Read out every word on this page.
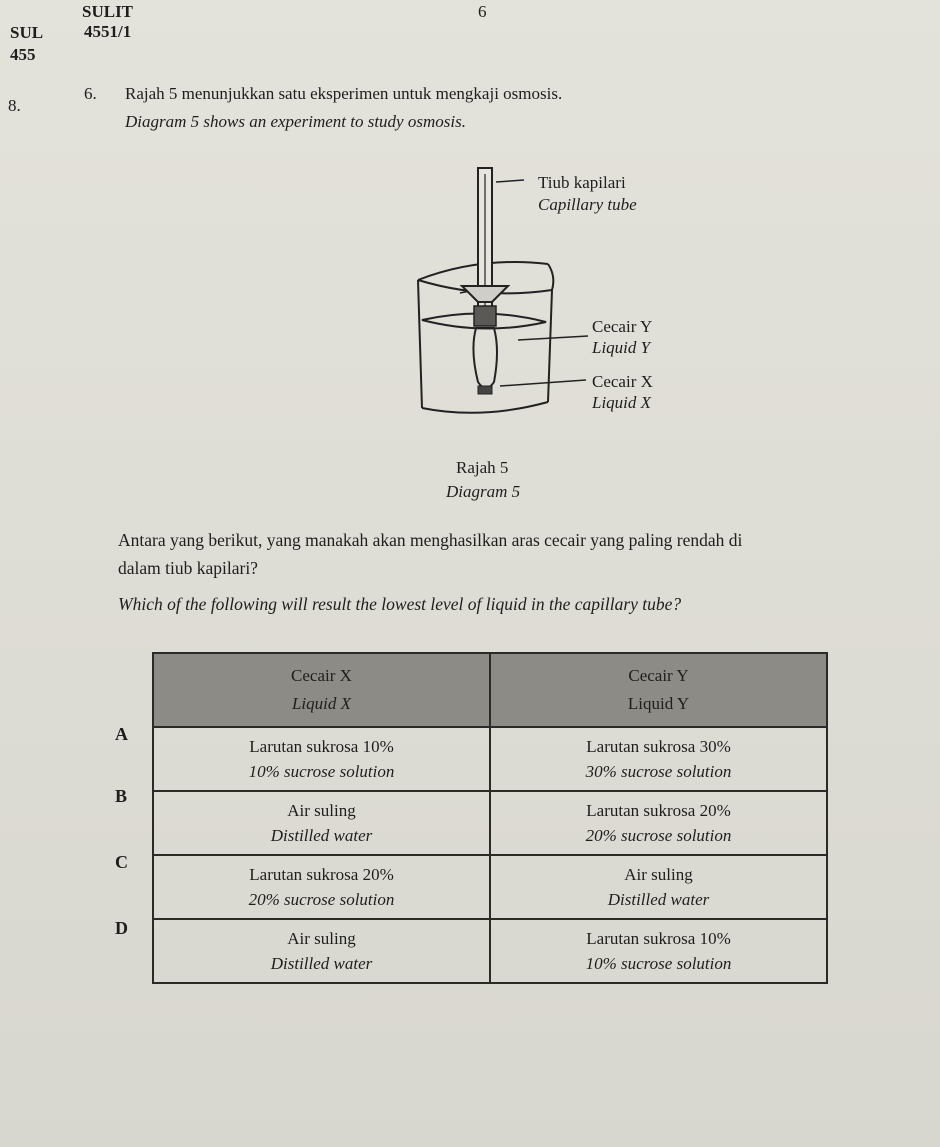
SULIT	6
SUL
455
4551/1
8.
6. Rajah 5 menunjukkan satu eksperimen untuk mengkaji osmosis.
Diagram 5 shows an experiment to study osmosis.
Tiub kapilari
Capillary tube
Cecair Y
Liquid Y
Cecair X
Liquid X
Rajah 5
Diagram 5
Antara yang berikut, yang manakah akan menghasilkan aras cecair yang paling rendah di
dalam tiub kapilari?
Which of the following will result the lowest level of liquid in the capillary tube?
A
B
C
D
Cecair X
Liquid X	Cecair Y
Liquid Y

Larutan sukrosa 10%
10% sucrose solution	Larutan sukrosa 30%
30% sucrose solution

Air suling
Distilled water	Larutan sukrosa 20%
20% sucrose solution

Larutan sukrosa 20%
20% sucrose solution	Air suling
Distilled water

Air suling
Distilled water	Larutan sukrosa 10%
10% sucrose solution
